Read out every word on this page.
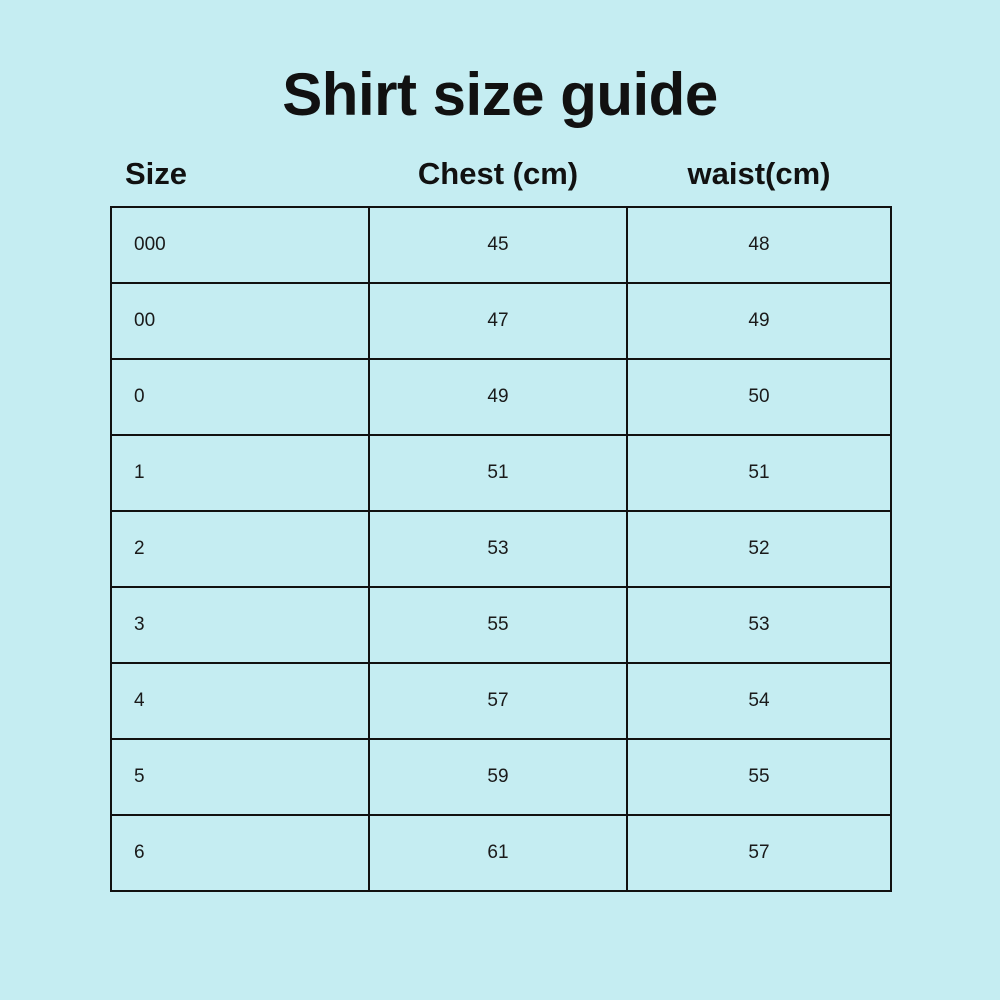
Shirt size guide
Size	Chest (cm)	waist(cm)
000	45	48
00	47	49
0	49	50
1	51	51
2	53	52
3	55	53
4	57	54
5	59	55
6	61	57
